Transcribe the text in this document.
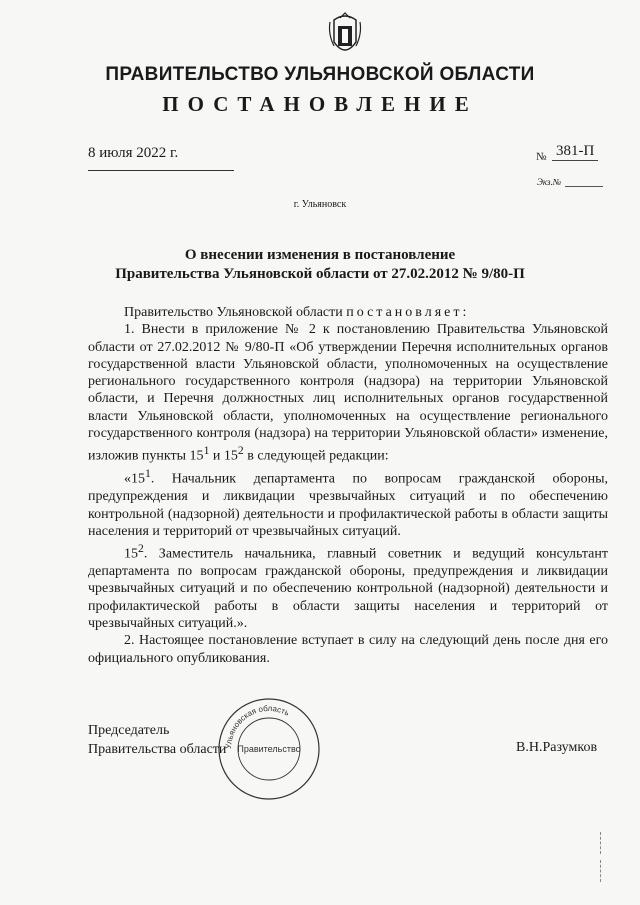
ПРАВИТЕЛЬСТВО УЛЬЯНОВСКОЙ ОБЛАСТИ
ПОСТАНОВЛЕНИЕ
8 июля 2022 г.	№ 381-П
Экз.№
г. Ульяновск
О внесении изменения в постановление
Правительства Ульяновской области от 27.02.2012 № 9/80-П

Правительство Ульяновской области постановляет:

1. Внести в приложение № 2 к постановлению Правительства Ульяновской области от 27.02.2012 № 9/80-П «Об утверждении Перечня исполнительных органов государственной власти Ульяновской области, уполномоченных на осуществление регионального государственного контроля (надзора) на территории Ульяновской области, и Перечня должностных лиц исполнительных органов государственной власти Ульяновской области, уполномоченных на осуществление регионального государственного контроля (надзора) на территории Ульяновской области» изменение, изложив пункты $15^1$ и $15^2$ в следующей редакции:

«$15^1$. Начальник департамента по вопросам гражданской обороны, предупреждения и ликвидации чрезвычайных ситуаций и по обеспечению контрольной (надзорной) деятельности и профилактической работы в области защиты населения и территорий от чрезвычайных ситуаций.

$15^2$. Заместитель начальника, главный советник и ведущий консультант департамента по вопросам гражданской обороны, предупреждения и ликвидации чрезвычайных ситуаций и по обеспечению контрольной (надзорной) деятельности и профилактической работы в области защиты населения и территорий от чрезвычайных ситуаций.».

2. Настоящее постановление вступает в силу на следующий день после дня его официального опубликования.

Председатель
Правительства области
Ульяновская область
Правительство	В.Н.Разумков
